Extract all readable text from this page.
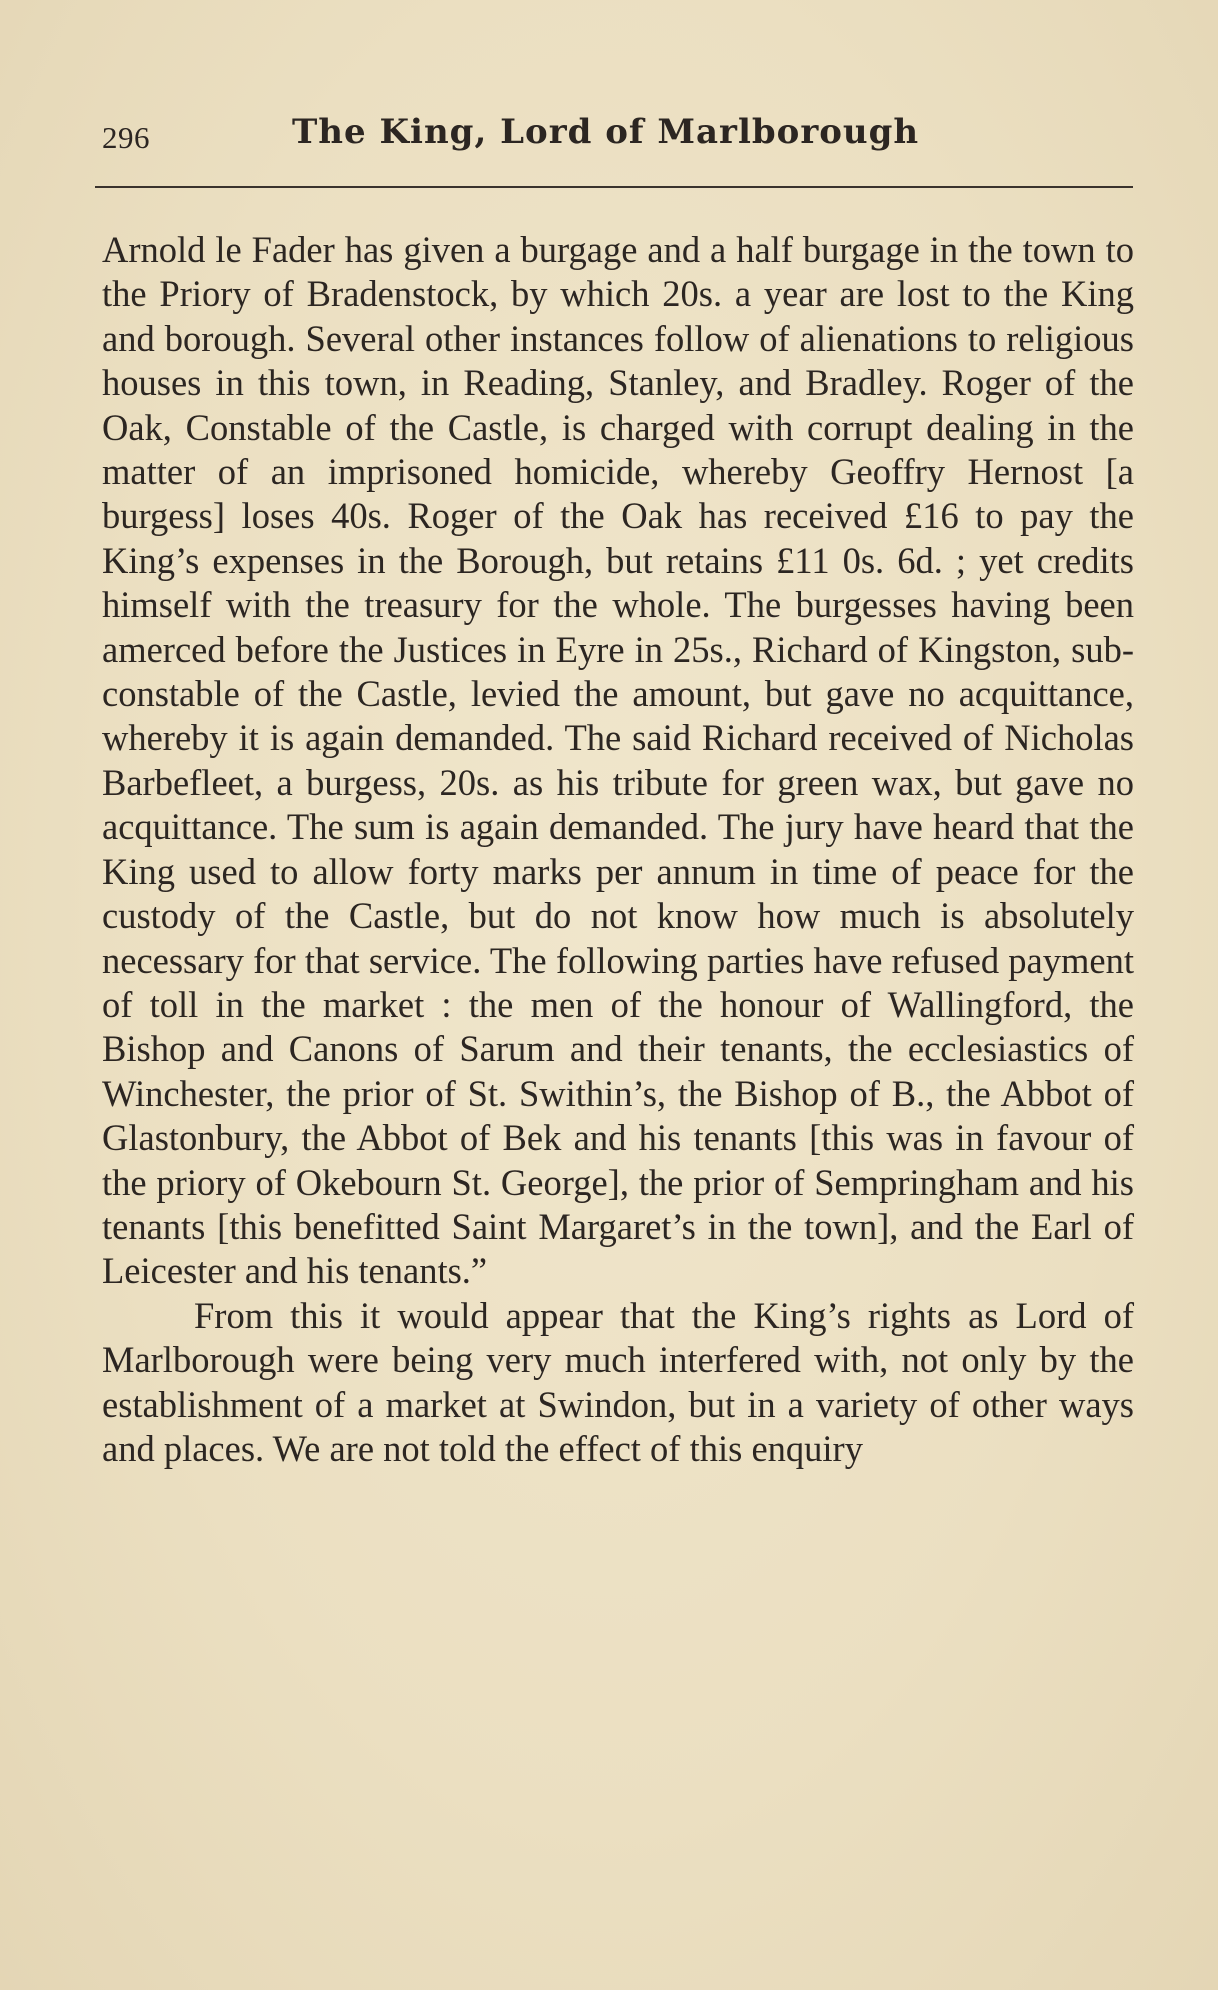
296	The King, Lord of Marlborough

Arnold le Fader has given a burgage and a half burgage in the town to the Priory of Bradenstock, by which 20s. a year are lost to the King and borough. Several other instances follow of alienations to religious houses in this town, in Reading, Stanley, and Bradley. Roger of the Oak, Constable of the Castle, is charged with corrupt dealing in the matter of an imprisoned homicide, whereby Geoffry Hernost [a burgess] loses 40s. Roger of the Oak has received £16 to pay the King’s expenses in the Borough, but retains £11 0s. 6d. ; yet credits himself with the treasury for the whole. The burgesses having been amerced before the Justices in Eyre in 25s., Richard of Kingston, sub-constable of the Castle, levied the amount, but gave no acquittance, whereby it is again demanded. The said Richard received of Nicholas Barbefleet, a burgess, 20s. as his tribute for green wax, but gave no acquittance. The sum is again demanded. The jury have heard that the King used to allow forty marks per annum in time of peace for the custody of the Castle, but do not know how much is absolutely necessary for that service. The following parties have refused payment of toll in the market : the men of the honour of Wallingford, the Bishop and Canons of Sarum and their tenants, the ecclesiastics of Winchester, the prior of St. Swithin’s, the Bishop of B., the Abbot of Glastonbury, the Abbot of Bek and his tenants [this was in favour of the priory of Okebourn St. George], the prior of Sempringham and his tenants [this benefitted Saint Margaret’s in the town], and the Earl of Leicester and his tenants.”

From this it would appear that the King’s rights as Lord of Marlborough were being very much interfered with, not only by the establishment of a market at Swindon, but in a variety of other ways and places. We are not told the effect of this enquiry
